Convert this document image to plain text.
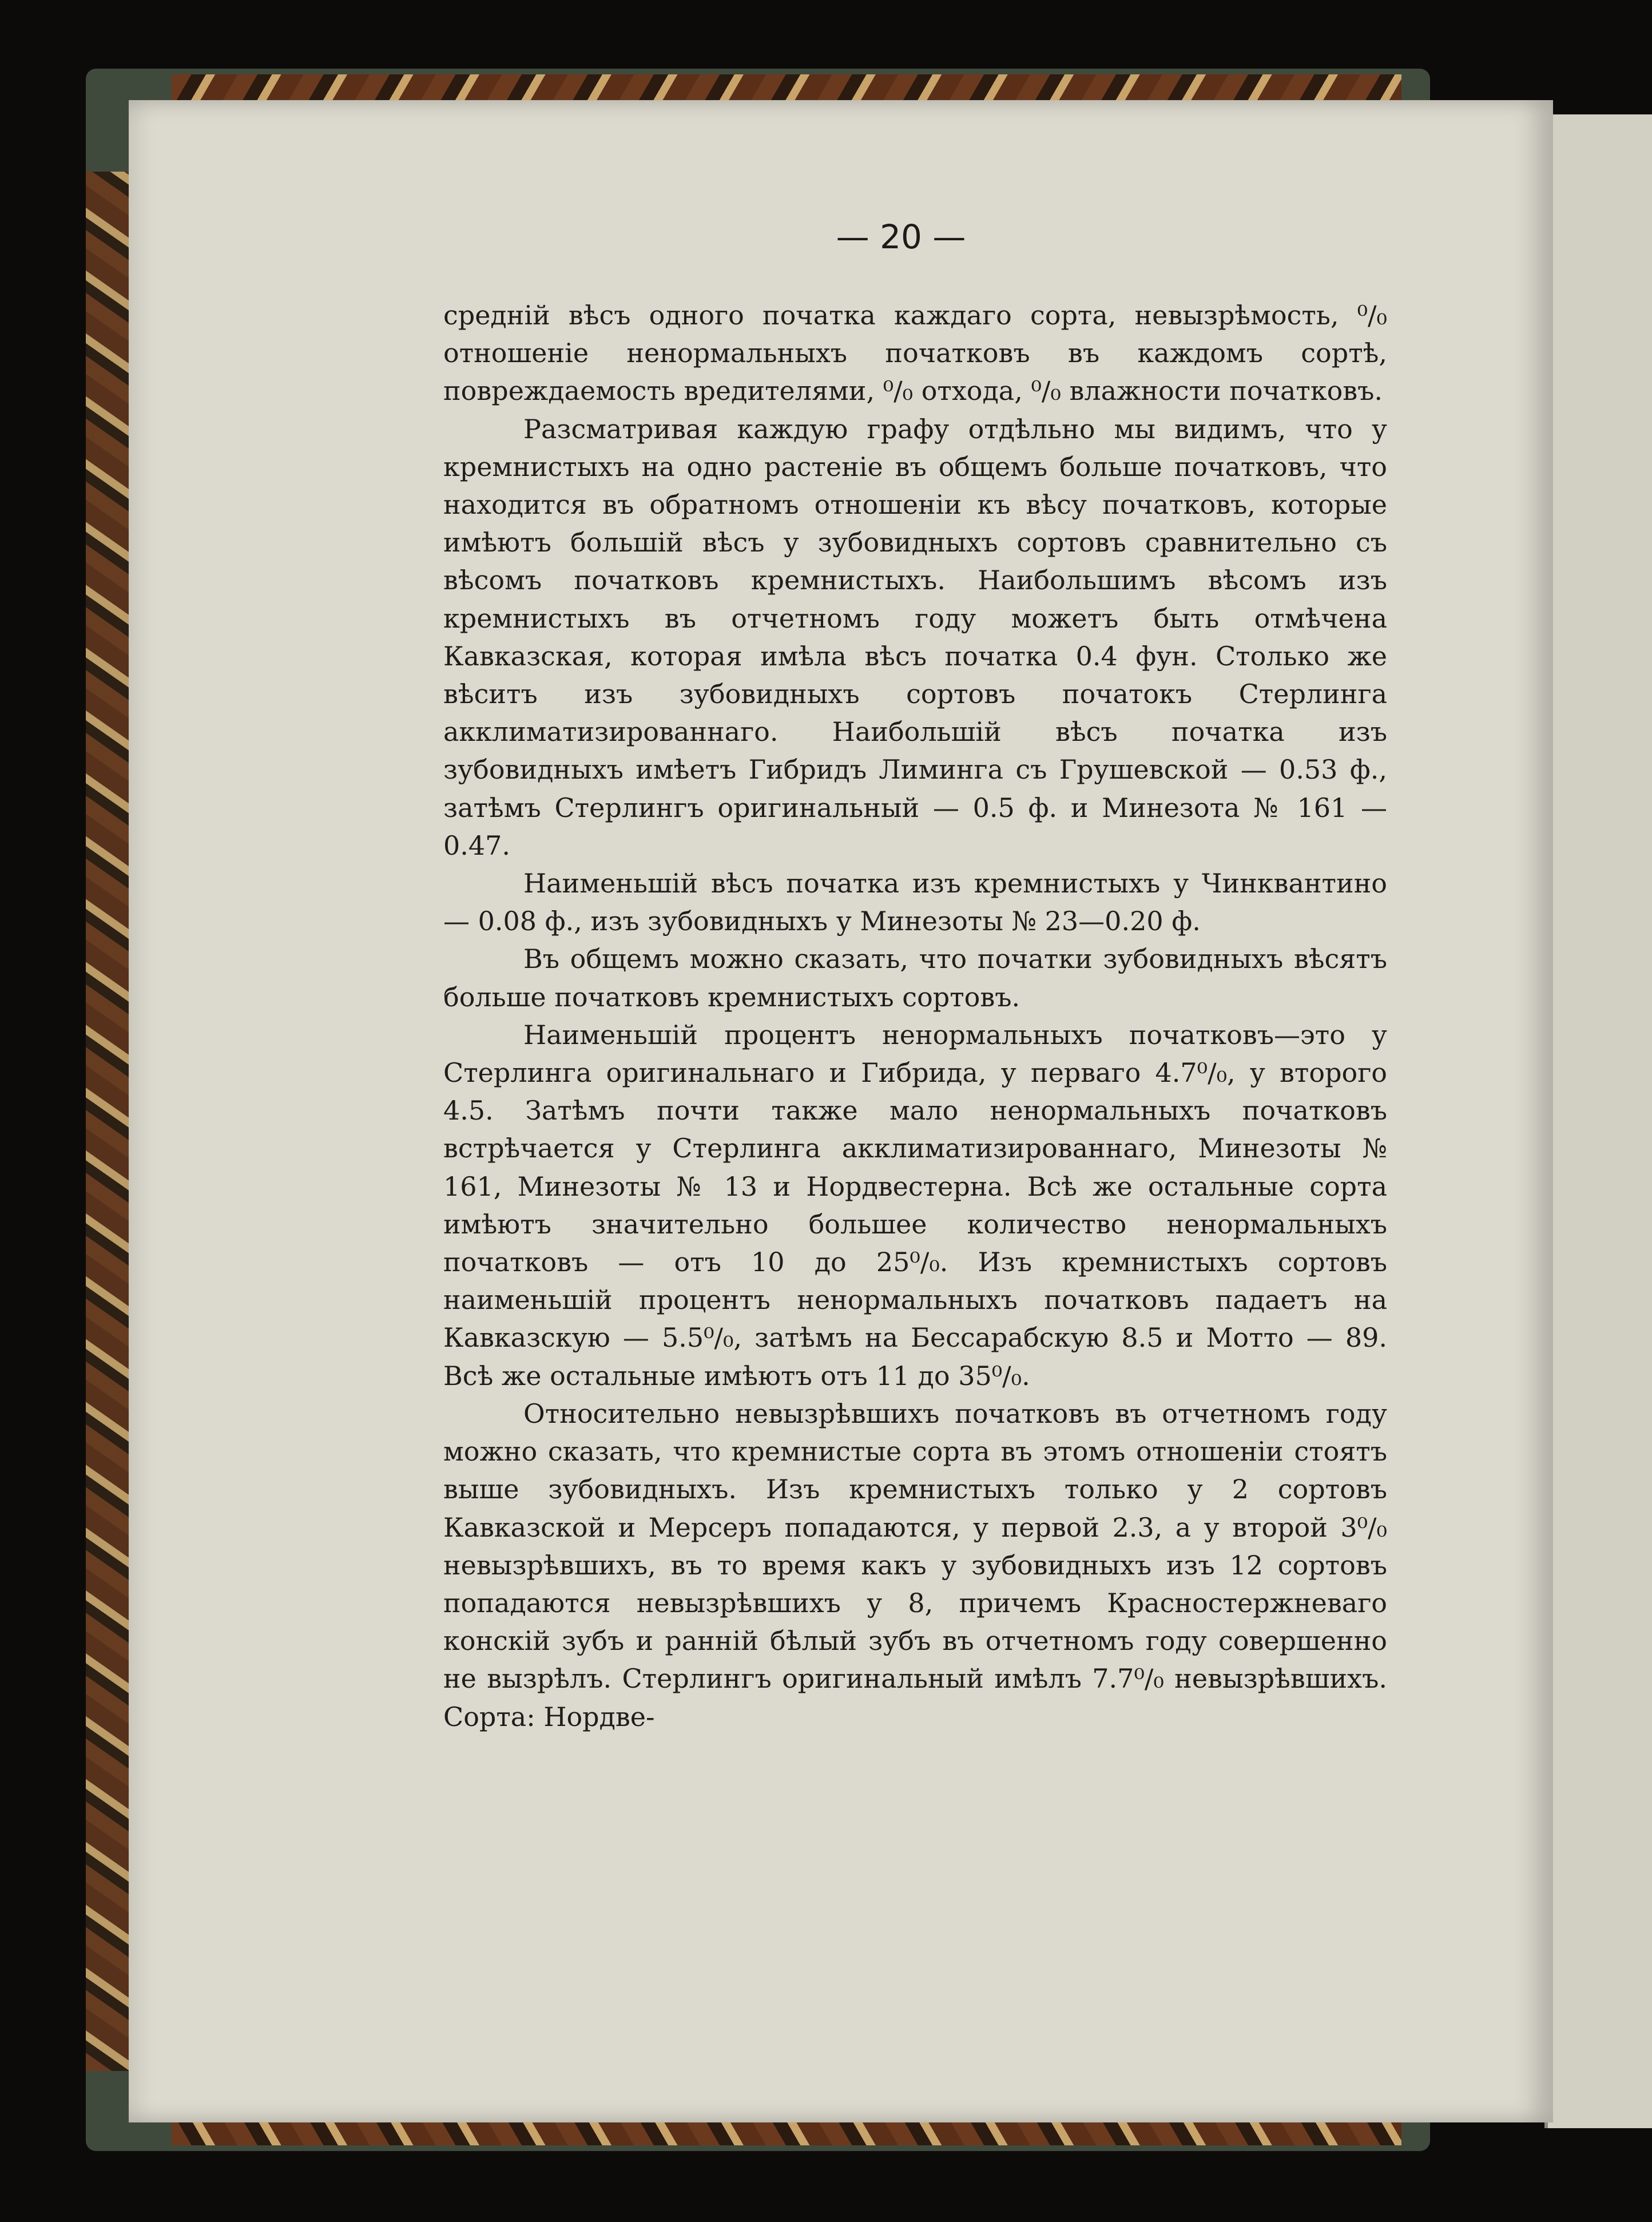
— 20 —

средній вѣсъ одного початка каждаго сорта, невызрѣмость, ⁰/₀ отношеніе ненормальныхъ початковъ въ каждомъ сортѣ, повреждаемость вредителями, ⁰/₀ отхода, ⁰/₀ влажности початковъ.

Разсматривая каждую графу отдѣльно мы видимъ, что у кремнистыхъ на одно растеніе въ общемъ больше початковъ, что находится въ обратномъ отношеніи къ вѣсу початковъ, которые имѣютъ большій вѣсъ у зубовидныхъ сортовъ сравнительно съ вѣсомъ початковъ кремнистыхъ. Наибольшимъ вѣсомъ изъ кремнистыхъ въ отчетномъ году можетъ быть отмѣчена Кавказская, которая имѣла вѣсъ початка 0.4 фун. Столько же вѣситъ изъ зубовидныхъ сортовъ початокъ Стерлинга акклиматизированнаго. Наибольшій вѣсъ початка изъ зубовидныхъ имѣетъ Гибридъ Лиминга съ Грушевской — 0.53 ф., затѣмъ Стерлингъ оригинальный — 0.5 ф. и Минезота № 161 — 0.47.

Наименьшій вѣсъ початка изъ кремнистыхъ у Чинквантино — 0.08 ф., изъ зубовидныхъ у Минезоты № 23—0.20 ф.

Въ общемъ можно сказать, что початки зубовидныхъ вѣсятъ больше початковъ кремнистыхъ сортовъ.

Наименьшій процентъ ненормальныхъ початковъ—это у Стерлинга оригинальнаго и Гибрида, у перваго 4.7⁰/₀, у второго 4.5. Затѣмъ почти также мало ненормальныхъ початковъ встрѣчается у Стерлинга акклиматизированнаго, Минезоты № 161, Минезоты № 13 и Нордвестерна. Всѣ же остальные сорта имѣютъ значительно большее количество ненормальныхъ початковъ — отъ 10 до 25⁰/₀. Изъ кремнистыхъ сортовъ наименьшій процентъ ненормальныхъ початковъ падаетъ на Кавказскую — 5.5⁰/₀, затѣмъ на Бессарабскую 8.5 и Мотто — 89. Всѣ же остальные имѣютъ отъ 11 до 35⁰/₀.

Относительно невызрѣвшихъ початковъ въ отчетномъ году можно сказать, что кремнистые сорта въ этомъ отношеніи стоятъ выше зубовидныхъ. Изъ кремнистыхъ только у 2 сортовъ Кавказской и Мерсеръ попадаются, у первой 2.3, а у второй 3⁰/₀ невызрѣвшихъ, въ то время какъ у зубовидныхъ изъ 12 сортовъ попадаются невызрѣвшихъ у 8, причемъ Красностержневаго конскій зубъ и ранній бѣлый зубъ въ отчетномъ году совершенно не вызрѣлъ. Стерлингъ оригинальный имѣлъ 7.7⁰/₀ невызрѣвшихъ. Сорта: Нордве-
